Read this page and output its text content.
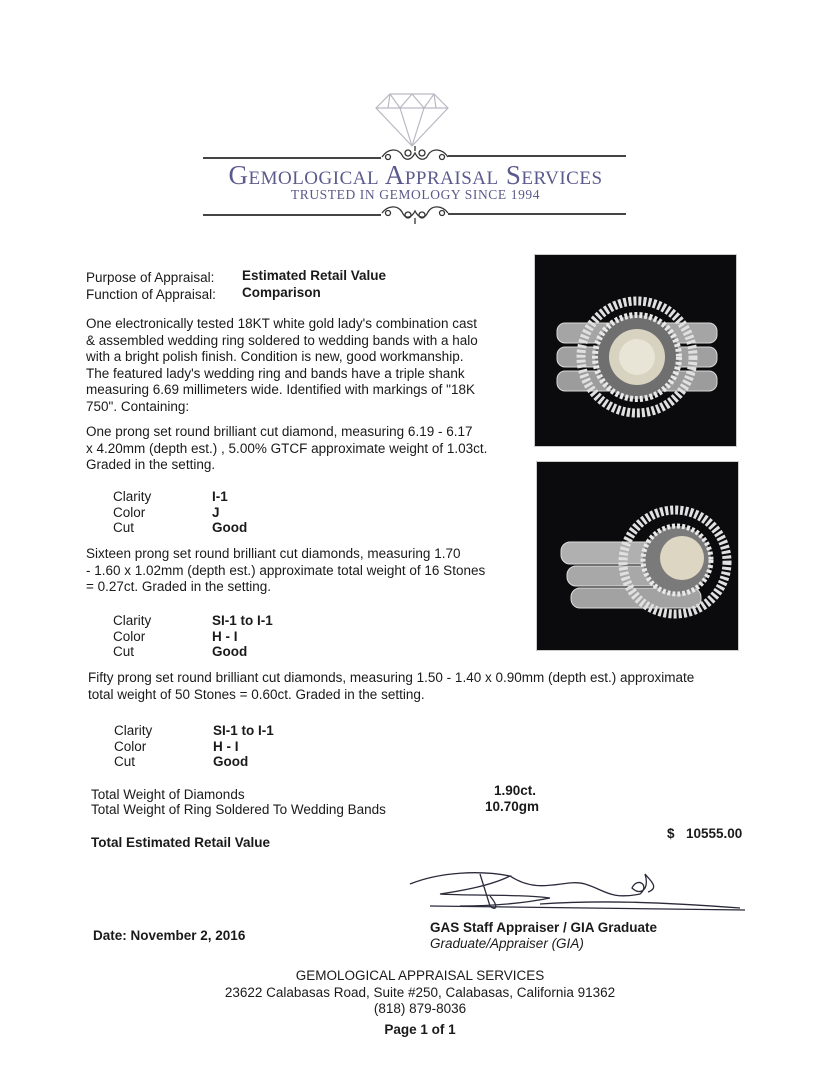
Gemological Appraisal Services
TRUSTED IN GEMOLOGY SINCE 1994
Purpose of Appraisal: Estimated Retail Value
Function of Appraisal: Comparison
One electronically tested 18KT white gold lady's combination cast
& assembled wedding ring soldered to wedding bands with a halo
with a bright polish finish. Condition is new, good workmanship.
The featured lady's wedding ring and bands have a triple shank
measuring 6.69 millimeters wide. Identified with markings of "18K
750". Containing:
One prong set round brilliant cut diamond, measuring 6.19 - 6.17
x 4.20mm (depth est.) , 5.00% GTCF approximate weight of 1.03ct.
Graded in the setting.
Clarity	I-1
Color	J
Cut	Good
Sixteen prong set round brilliant cut diamonds, measuring 1.70
- 1.60 x 1.02mm (depth est.) approximate total weight of 16 Stones
= 0.27ct. Graded in the setting.
Clarity	SI-1 to I-1
Color	H - I
Cut	Good
Fifty prong set round brilliant cut diamonds, measuring 1.50 - 1.40 x 0.90mm (depth est.) approximate
total weight of 50 Stones = 0.60ct. Graded in the setting.
Clarity	SI-1 to I-1
Color	H - I
Cut	Good
Total Weight of Diamonds	1.90ct.
Total Weight of Ring Soldered To Wedding Bands	10.70gm
Total Estimated Retail Value
$ 10555.00
Date: November 2, 2016
GAS Staff Appraiser / GIA Graduate
Graduate/Appraiser (GIA)
GEMOLOGICAL APPRAISAL SERVICES
23622 Calabasas Road, Suite #250, Calabasas, California 91362
(818) 879-8036
Page 1 of 1
